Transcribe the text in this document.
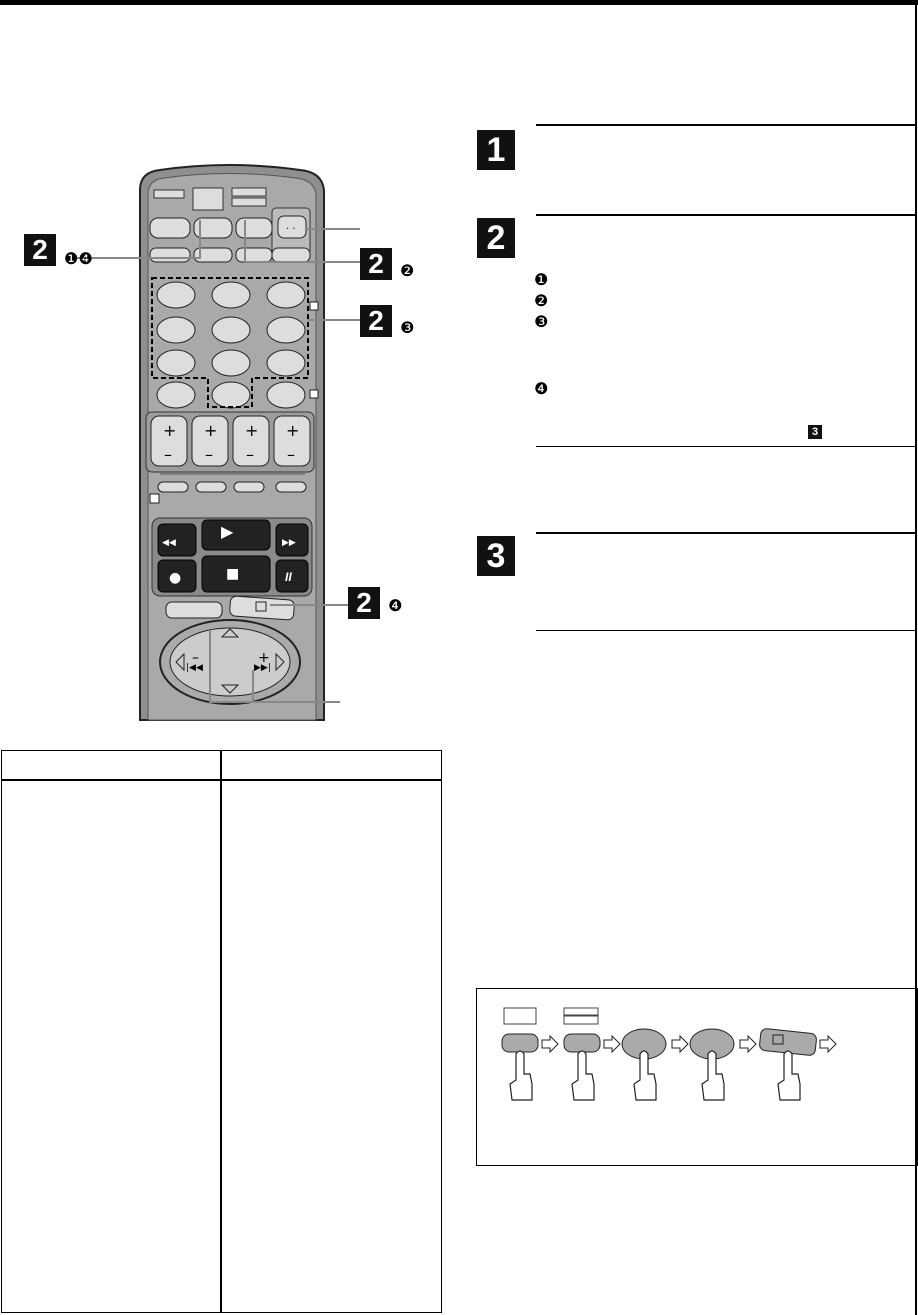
· ·
+ + + +
– – – –
▶
■	II
●
◀◀	▶▶
–	+
|◀◀	▶▶|
2	❶❹	2	❷
2	❸
2	❹
1
2
❶
❷
❸
❹
3
3
